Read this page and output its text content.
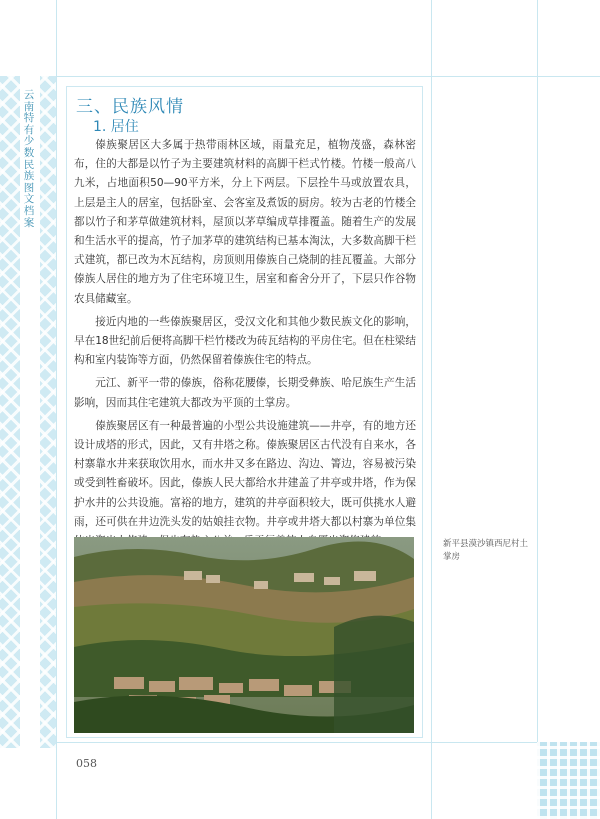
云南特有少数民族图文档案
三、民族风情
1. 居住

傣族聚居区大多属于热带雨林区域，雨量充足，植物茂盛，森林密布，住的大都是以竹子为主要建筑材料的高脚干栏式竹楼。竹楼一般高八九米，占地面积50—90平方米，分上下两层。下层拴牛马或放置农具，上层是主人的居室，包括卧室、会客室及煮饭的厨房。较为古老的竹楼全都以竹子和茅草做建筑材料，屋顶以茅草编成草排覆盖。随着生产的发展和生活水平的提高，竹子加茅草的建筑结构已基本淘汰，大多数高脚干栏式建筑，都已改为木瓦结构，房顶则用傣族自己烧制的挂瓦覆盖。大部分傣族人居住的地方为了住宅环境卫生，居室和畜舍分开了，下层只作谷物农具储藏室。

接近内地的一些傣族聚居区，受汉文化和其他少数民族文化的影响，早在18世纪前后便将高脚干栏竹楼改为砖瓦结构的平房住宅。但在柱梁结构和室内装饰等方面，仍然保留着傣族住宅的特点。

元江、新平一带的傣族，俗称花腰傣，长期受彝族、哈尼族生产生活影响，因而其住宅建筑大都改为平顶的土掌房。

傣族聚居区有一种最普遍的小型公共设施建筑——井亭，有的地方还设计成塔的形式，因此，又有井塔之称。傣族聚居区古代没有自来水，各村寨靠水井来获取饮用水，而水井又多在路边、沟边、箐边，容易被污染或受到牲畜破坏。因此，傣族人民大都给水井建盖了井亭或井塔，作为保护水井的公共设施。富裕的地方，建筑的井亭面积较大，既可供挑水人避雨，还可供在井边洗头发的姑娘挂衣物。井亭或井塔大都以村寨为单位集

新平县漠沙镇西尼村土掌房
058
